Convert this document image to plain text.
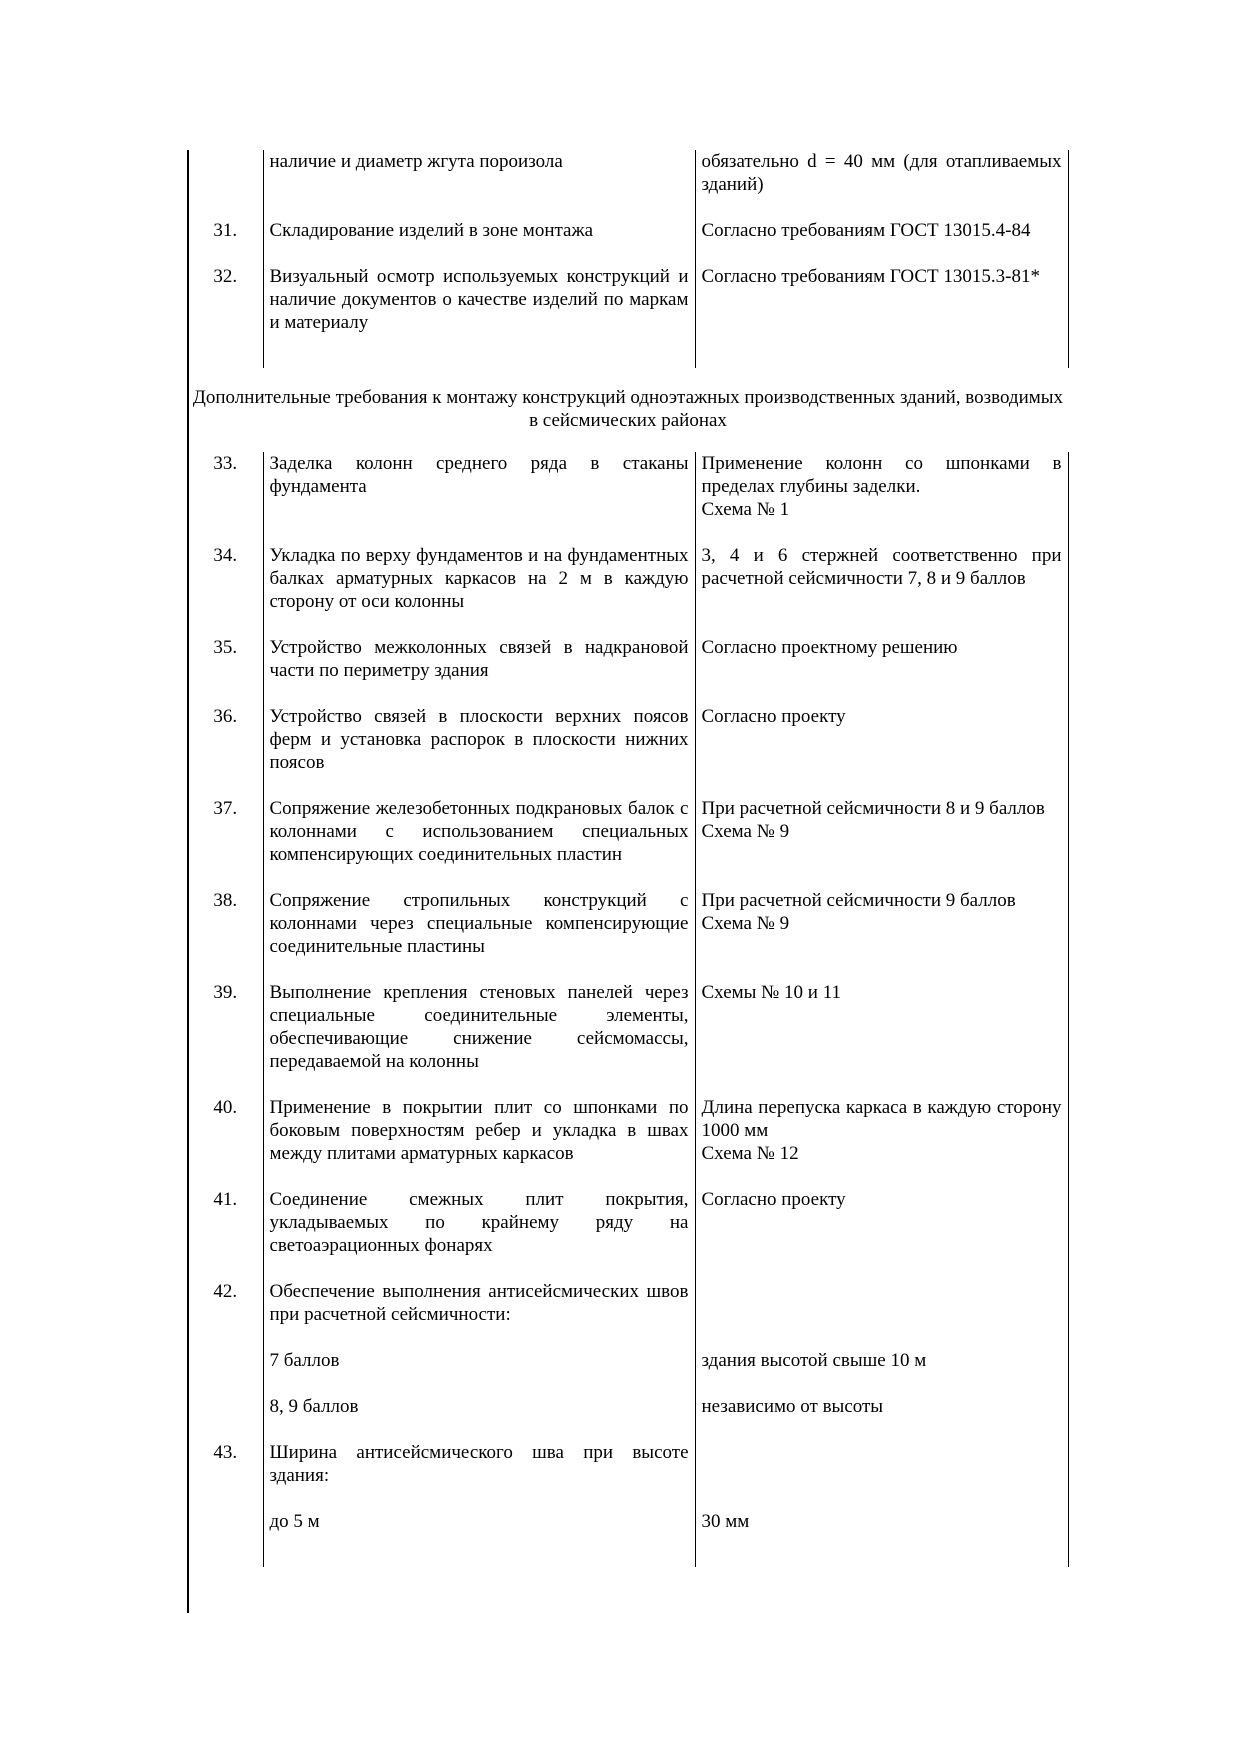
	наличие и диаметр жгута пороизола	обязательно d = 40 мм (для отапливаемых зданий)

31.	Складирование изделий в зоне монтажа	Согласно требованиям ГОСТ 13015.4-84

32.	Визуальный осмотр используемых конструкций и наличие документов о качестве изделий по маркам и материалу	Согласно требованиям ГОСТ 13015.3-81*
Дополнительные требования к монтажу конструкций одноэтажных производственных зданий, возводимых в сейсмических районах
33.	Заделка колонн среднего ряда в стаканы фундамента	Применение колонн со шпонками в пределах глубины заделки.
Схема № 1

34.	Укладка по верху фундаментов и на фундаментных балках арматурных каркасов на 2 м в каждую сторону от оси колонны	3, 4 и 6 стержней соответственно при расчетной сейсмичности 7, 8 и 9 баллов

35.	Устройство межколонных связей в надкрановой части по периметру здания	Согласно проектному решению

36.	Устройство связей в плоскости верхних поясов ферм и установка распорок в плоскости нижних поясов	Согласно проекту

37.	Сопряжение железобетонных подкрановых балок с колоннами с использованием специальных компенсирующих соединительных пластин	При расчетной сейсмичности 8 и 9 баллов
Схема № 9

38.	Сопряжение стропильных конструкций с колоннами через специальные компенсирующие соединительные пластины	При расчетной сейсмичности 9 баллов
Схема № 9

39.	Выполнение крепления стеновых панелей через специальные соединительные элементы, обеспечивающие снижение сейсмомассы, передаваемой на колонны	Схемы № 10 и 11

40.	Применение в покрытии плит со шпонками по боковым поверхностям ребер и укладка в швах между плитами арматурных каркасов	Длина перепуска каркаса в каждую сторону 1000 мм
Схема № 12

41.	Соединение смежных плит покрытия, укладываемых по крайнему ряду на светоаэрационных фонарях	Согласно проекту

42.	Обеспечение выполнения антисейсмических швов при расчетной сейсмичности:	

	7 баллов	здания высотой свыше 10 м

	8, 9 баллов	независимо от высоты

43.	Ширина антисейсмического шва при высоте здания:	

	до 5 м	30 мм
